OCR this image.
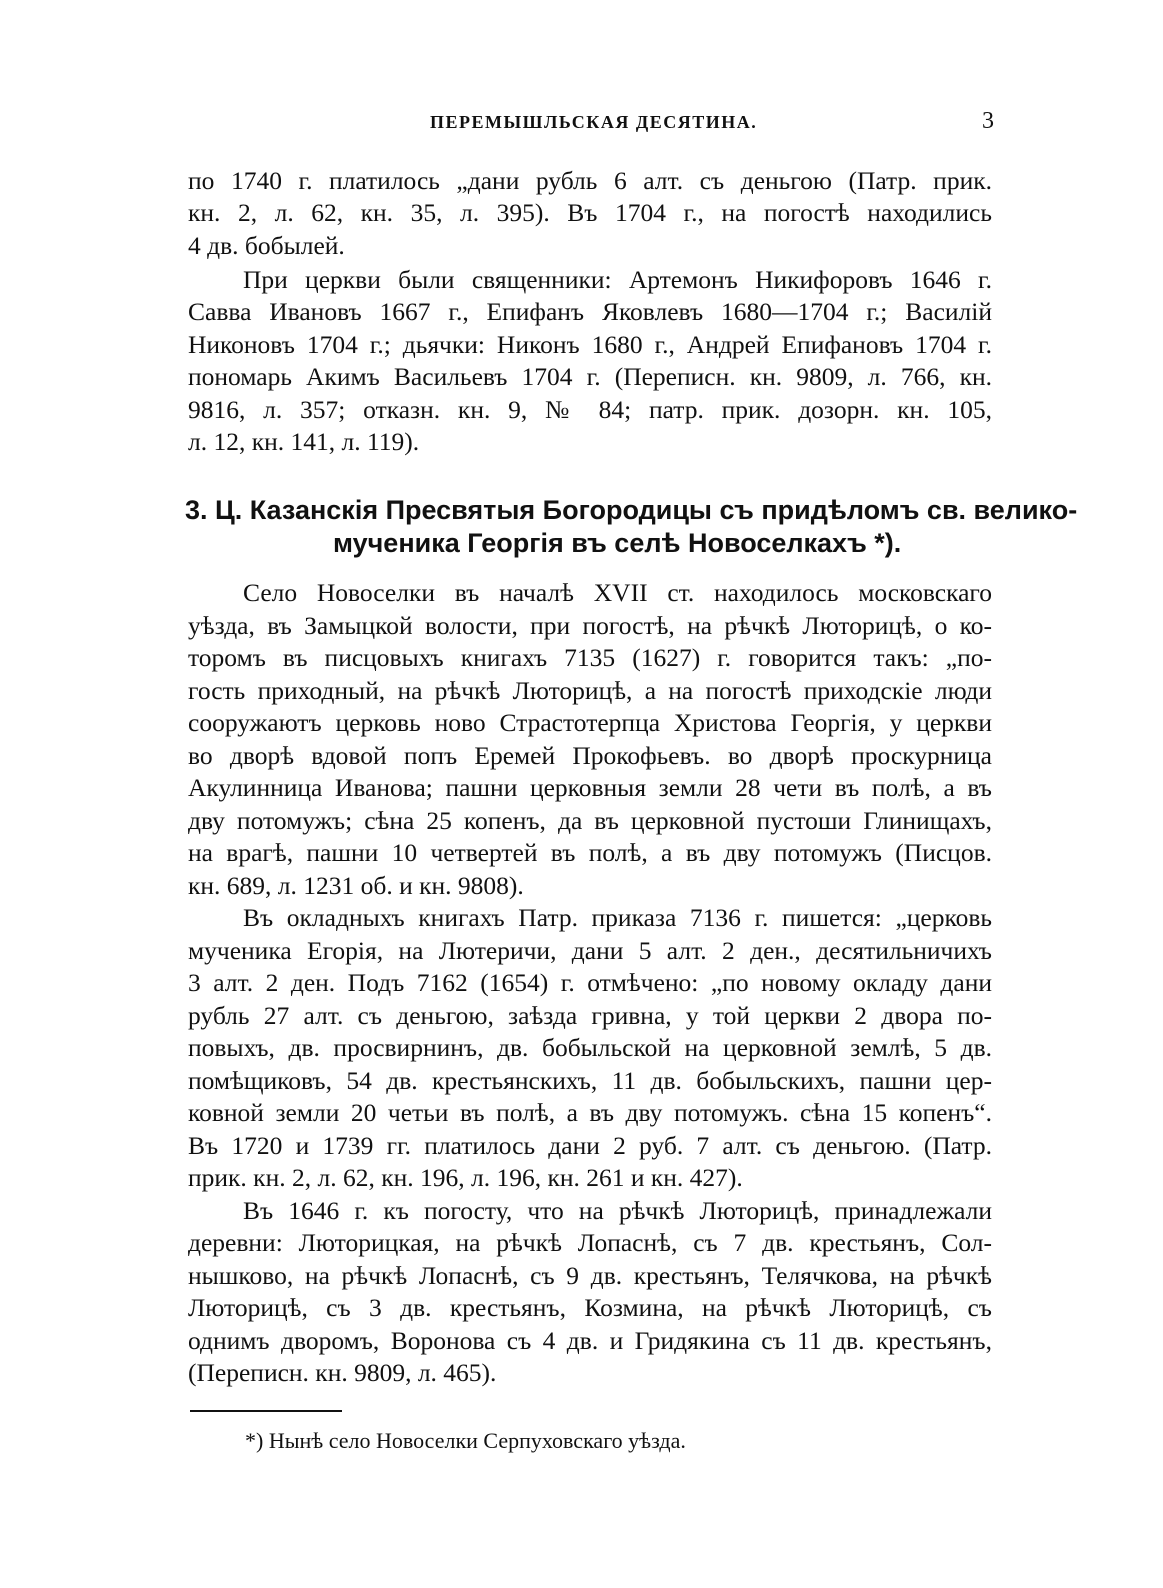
ПЕРЕМЫШЛЬСКАЯ ДЕСЯТИНА.	3
по 1740 г. платилось „дани рубль 6 алт. съ деньгою (Патр. прик.
кн. 2, л. 62, кн. 35, л. 395). Въ 1704 г., на погостѣ находились
4 дв. бобылей.
При церкви были священники: Артемонъ Никифоровъ 1646 г.
Савва Ивановъ 1667 г., Епифанъ Яковлевъ 1680—1704 г.; Василій
Никоновъ 1704 г.; дьячки: Никонъ 1680 г., Андрей Епифановъ 1704 г.
пономарь Акимъ Васильевъ 1704 г. (Переписн. кн. 9809, л. 766, кн.
9816, л. 357; отказн. кн. 9, № 84; патр. прик. дозорн. кн. 105,
л. 12, кн. 141, л. 119).
3. Ц. Казанскія Пресвятыя Богородицы съ придѣломъ св. велико-
мученика Георгія въ селѣ Новоселкахъ *).
Село Новоселки въ началѣ XVII ст. находилось московскаго
уѣзда, въ Замыцкой волости, при погостѣ, на рѣчкѣ Люторицѣ, о ко-
торомъ въ писцовыхъ книгахъ 7135 (1627) г. говорится такъ: „по-
гость приходный, на рѣчкѣ Люторицѣ, а на погостѣ приходскіе люди
сооружаютъ церковь ново Страстотерпца Христова Георгія, у церкви
во дворѣ вдовой попъ Еремей Прокофьевъ. во дворѣ проскурница
Акулинница Иванова; пашни церковныя земли 28 чети въ полѣ, а въ
дву потомужъ; сѣна 25 копенъ, да въ церковной пустоши Глинищахъ,
на врагѣ, пашни 10 четвертей въ полѣ, а въ дву потомужъ (Писцов.
кн. 689, л. 1231 об. и кн. 9808).
Въ окладныхъ книгахъ Патр. приказа 7136 г. пишется: „церковь
мученика Егорія, на Лютеричи, дани 5 алт. 2 ден., десятильничихъ
3 алт. 2 ден. Подъ 7162 (1654) г. отмѣчено: „по новому окладу дани
рубль 27 алт. съ деньгою, заѣзда гривна, у той церкви 2 двора по-
повыхъ, дв. просвирнинъ, дв. бобыльской на церковной землѣ, 5 дв.
помѣщиковъ, 54 дв. крестьянскихъ, 11 дв. бобыльскихъ, пашни цер-
ковной земли 20 четьи въ полѣ, а въ дву потомужъ. сѣна 15 копенъ“.
Въ 1720 и 1739 гг. платилось дани 2 руб. 7 алт. съ деньгою. (Патр.
прик. кн. 2, л. 62, кн. 196, л. 196, кн. 261 и кн. 427).
Въ 1646 г. къ погосту, что на рѣчкѣ Люторицѣ, принадлежали
деревни: Люторицкая, на рѣчкѣ Лопаснѣ, съ 7 дв. крестьянъ, Сол-
нышково, на рѣчкѣ Лопаснѣ, съ 9 дв. крестьянъ, Телячкова, на рѣчкѣ
Люторицѣ, съ 3 дв. крестьянъ, Козмина, на рѣчкѣ Люторицѣ, съ
однимъ дворомъ, Воронова съ 4 дв. и Гридякина съ 11 дв. крестьянъ,
(Переписн. кн. 9809, л. 465).
*) Нынѣ село Новоселки Серпуховскаго уѣзда.
